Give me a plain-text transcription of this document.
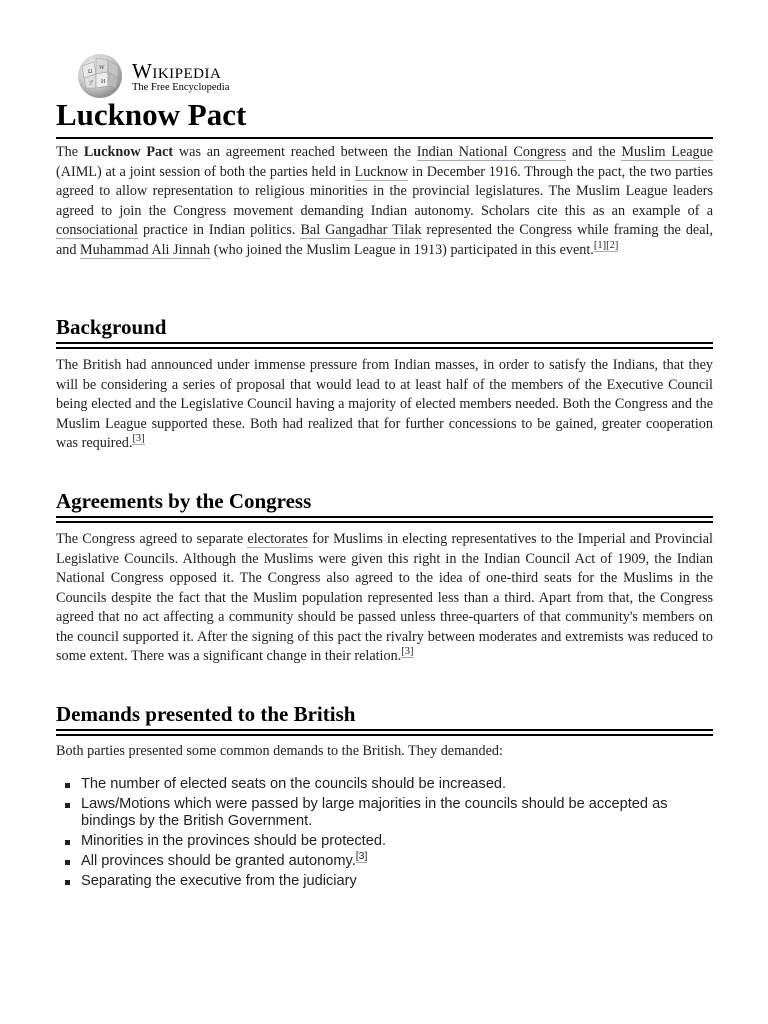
Ω
W
И
ア
Wikipedia
The Free Encyclopedia
Lucknow Pact

The Lucknow Pact was an agreement reached between the Indian National Congress and the Muslim League (AIML) at a joint session of both the parties held in Lucknow in December 1916. Through the pact, the two parties agreed to allow representation to religious minorities in the provincial legislatures. The Muslim League leaders agreed to join the Congress movement demanding Indian autonomy. Scholars cite this as an example of a consociational practice in Indian politics. Bal Gangadhar Tilak represented the Congress while framing the deal, and Muhammad Ali Jinnah (who joined the Muslim League in 1913) participated in this event.[1][2]

Background

The British had announced under immense pressure from Indian masses, in order to satisfy the Indians, that they will be considering a series of proposal that would lead to at least half of the members of the Executive Council being elected and the Legislative Council having a majority of elected members needed. Both the Congress and the Muslim League supported these. Both had realized that for further concessions to be gained, greater cooperation was required.[3]

Agreements by the Congress

The Congress agreed to separate electorates for Muslims in electing representatives to the Imperial and Provincial Legislative Councils. Although the Muslims were given this right in the Indian Council Act of 1909, the Indian National Congress opposed it. The Congress also agreed to the idea of one-third seats for the Muslims in the Councils despite the fact that the Muslim population represented less than a third. Apart from that, the Congress agreed that no act affecting a community should be passed unless three-quarters of that community's members on the council supported it. After the signing of this pact the rivalry between moderates and extremists was reduced to some extent. There was a significant change in their relation.[3]

Demands presented to the British

Both parties presented some common demands to the British. They demanded:

The number of elected seats on the councils should be increased.
Laws/Motions which were passed by large majorities in the councils should be accepted as bindings by the British Government.
Minorities in the provinces should be protected.
All provinces should be granted autonomy.[3]
Separating the executive from the judiciary
